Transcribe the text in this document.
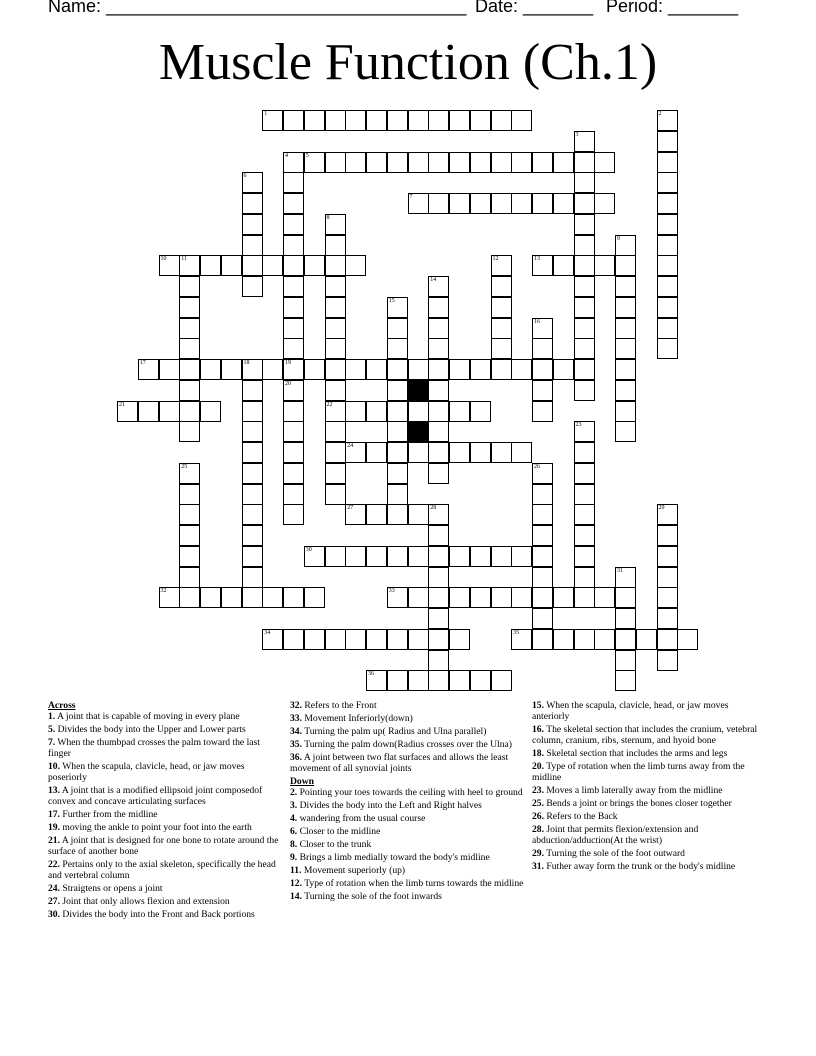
Name: ____________________________________ Date: _______ Period: _______
Muscle Function (Ch.1)
1
5
7
10 11	13
17	18	19
21	22
24
27	28
30
32	33
34	35
36
2
3
4
6
8
9
12
14
15
16
20
23
25	26
29
31
Across
1. A joint that is capable of moving in every plane
5. Divides the body into the Upper and Lower parts
7. When the thumbpad crosses the palm toward the last finger
10. When the scapula, clavicle, head, or jaw moves poseriorly
13. A joint that is a modified ellipsoid joint composedof convex and concave articulating surfaces
17. Further from the midline
19. moving the ankle to point your foot into the earth
21. A joint that is designed for one bone to rotate around the surface of another bone
22. Pertains only to the axial skeleton, specifically the head and vertebral column
24. Straigtens or opens a joint
27. Joint that only allows flexion and extension
30. Divides the body into the Front and Back portions
32. Refers to the Front
33. Movement Inferiorly(down)
34. Turning the palm up( Radius and Ulna parallel)
35. Turning the palm down(Radius crosses over the Ulna)
36. A joint between two flat surfaces and allows the least movement of all synovial joints
Down
2. Pointing your toes towards the ceiling with heel to ground
3. Divides the body into the Left and Right halves
4. wandering from the usual course
6. Closer to the midline
8. Closer to the trunk
9. Brings a limb medially toward the body's midline
11. Movement superiorly (up)
12. Type of rotation when the limb turns towards the midline
14. Turning the sole of the foot inwards
15. When the scapula, clavicle, head, or jaw moves anteriorly
16. The skeletal section that includes the cranium, vetebral column, cranium, ribs, sternum, and hyoid bone
18. Skeletal section that includes the arms and legs
20. Type of rotation when the limb turns away from the midline
23. Moves a limb laterally away from the midline
25. Bends a joint or brings the bones closer together
26. Refers to the Back
28. Joint that permits flexion/extension and abduction/adduction(At the wrist)
29. Turning the sole of the foot outward
31. Futher away form the trunk or the body's midline
